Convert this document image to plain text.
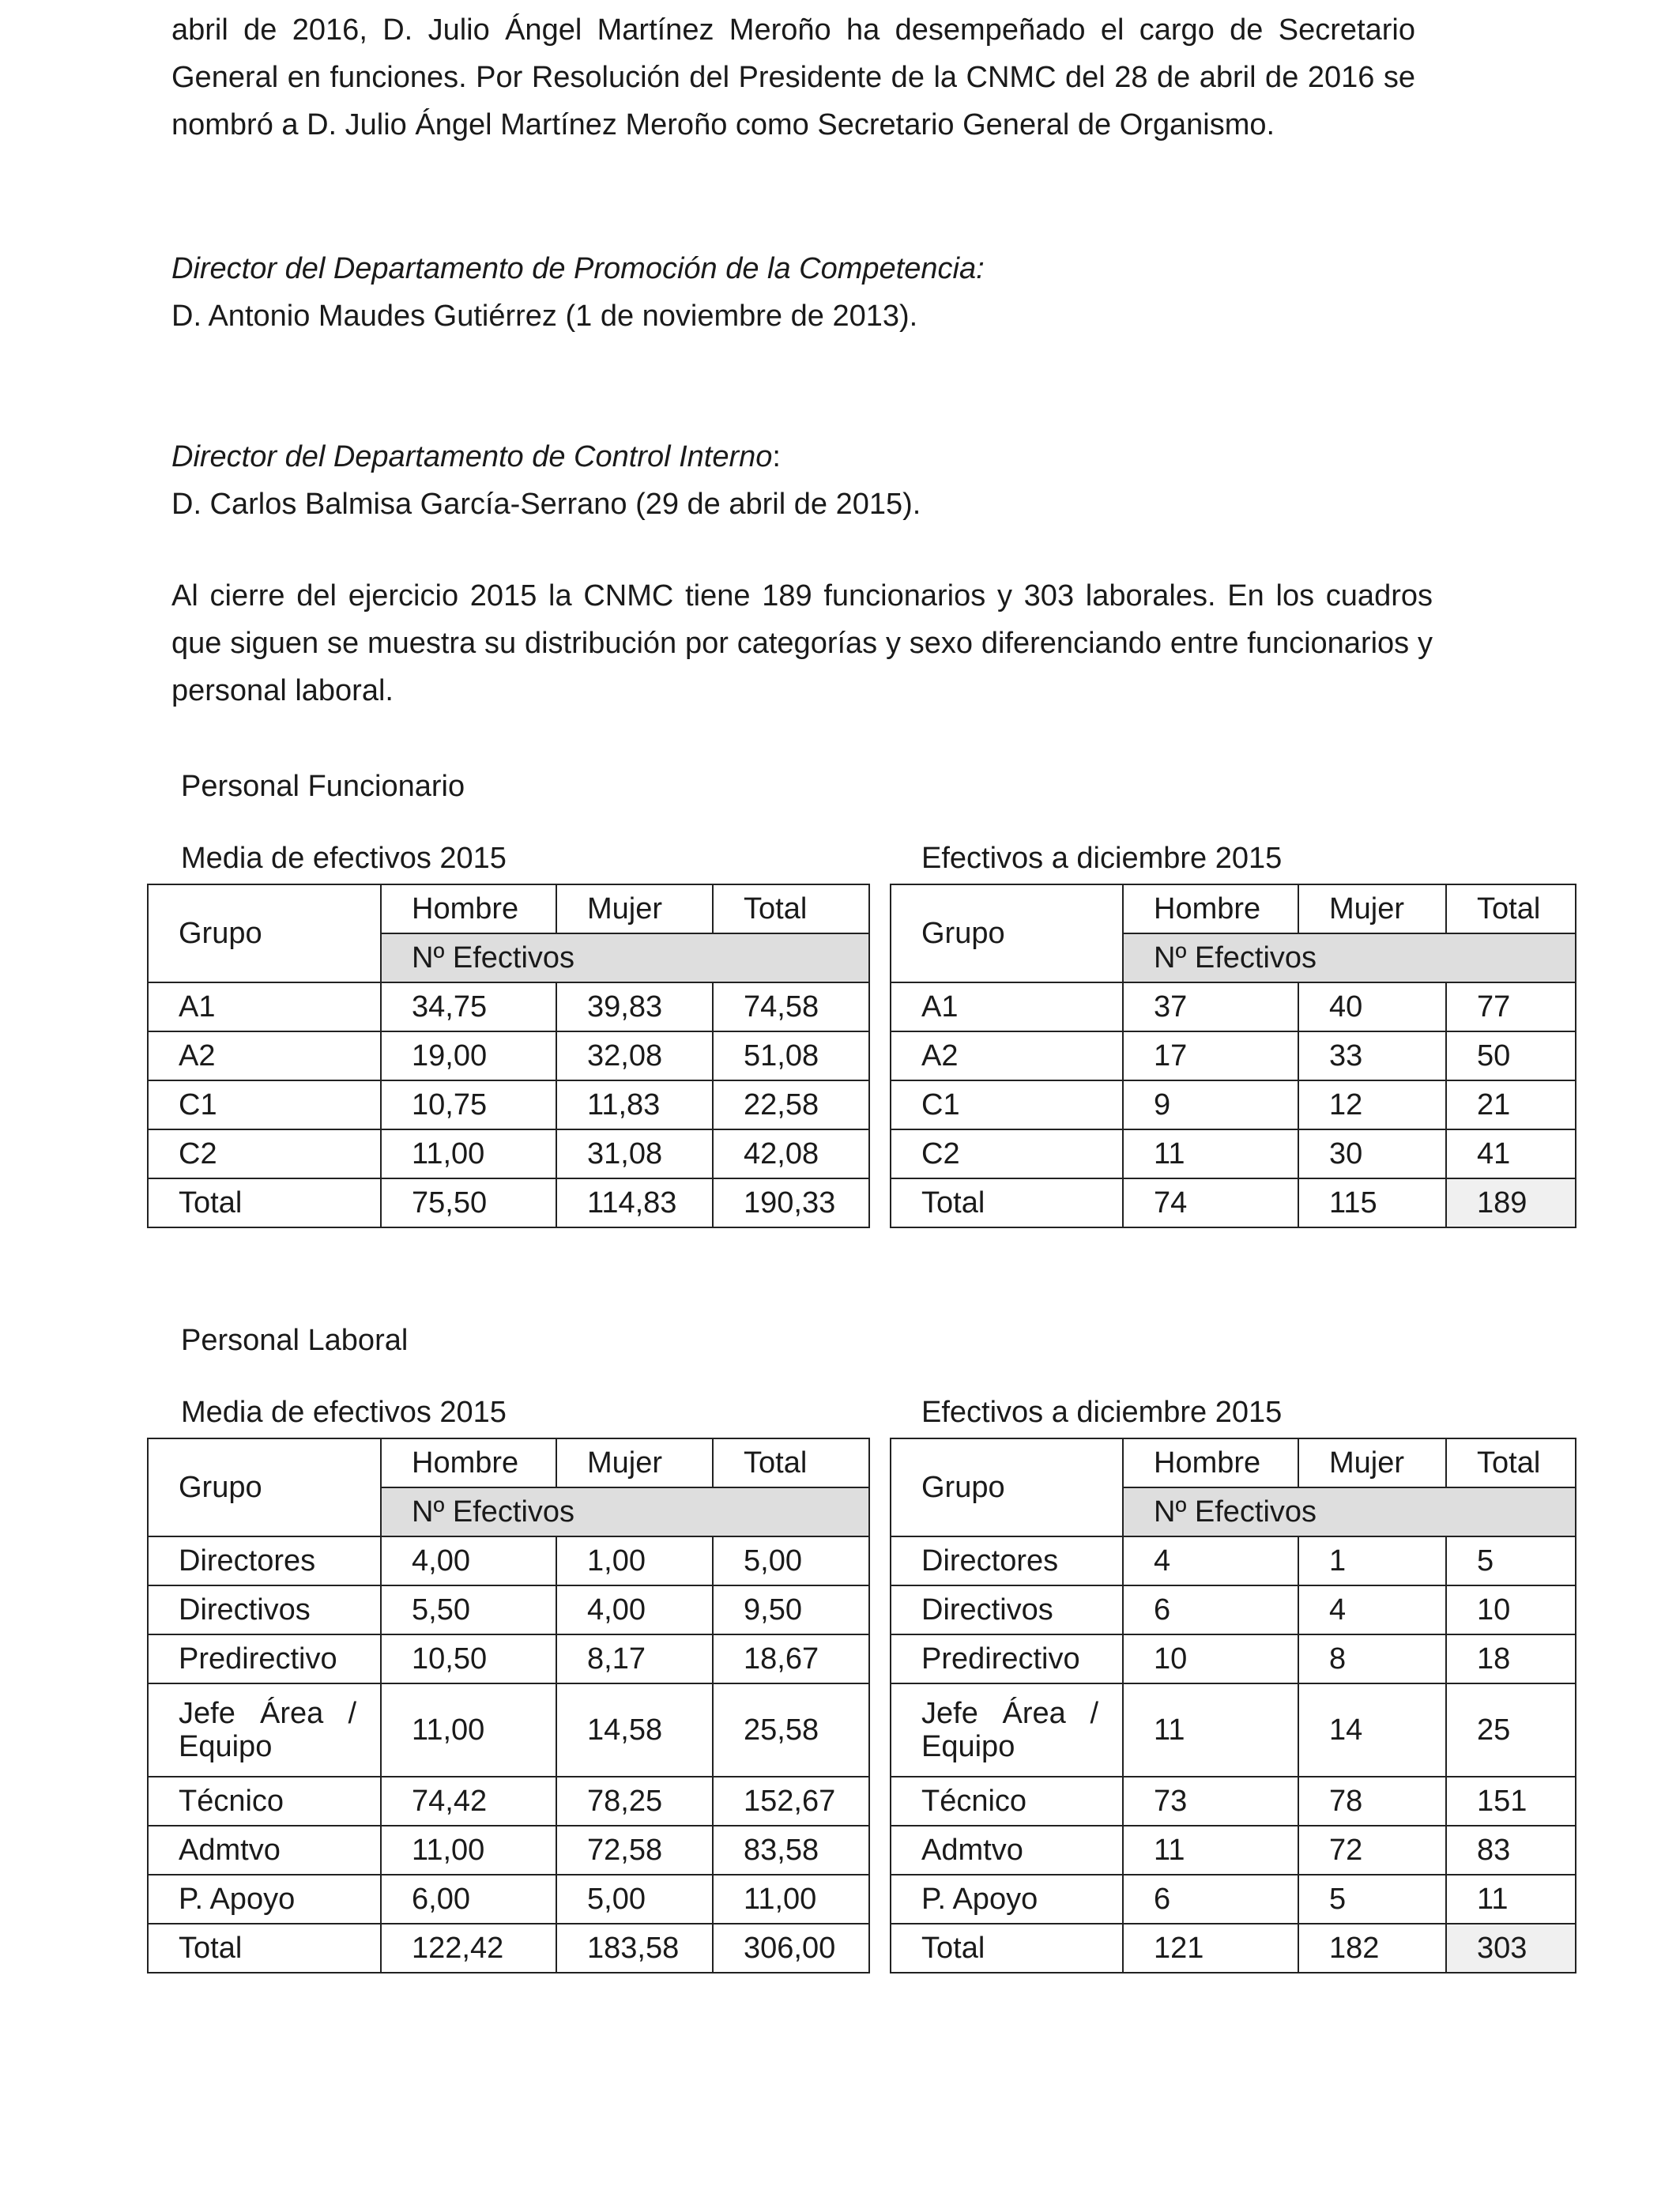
abril de 2016, D. Julio Ángel Martínez Meroño ha desempeñado el cargo de Secretario General en funciones. Por Resolución del Presidente de la CNMC del 28 de abril de 2016 se nombró a D. Julio Ángel Martínez Meroño como Secretario General de Organismo.

Director del Departamento de Promoción de la Competencia:
D. Antonio Maudes Gutiérrez (1 de noviembre de 2013).

Director del Departamento de Control Interno:
D. Carlos Balmisa García-Serrano (29 de abril de 2015).

Al cierre del ejercicio 2015 la CNMC tiene 189 funcionarios y 303 laborales. En los cuadros que siguen se muestra su distribución por categorías y sexo diferenciando entre funcionarios y personal laboral.

Personal Funcionario
Media de efectivos 2015	Efectivos a diciembre 2015
Grupo	Hombre	Mujer	Total
	Nº Efectivos		
A1	34,75	39,83	74,58
A2	19,00	32,08	51,08
C1	10,75	11,83	22,58
C2	11,00	31,08	42,08
Total	75,50	114,83	190,33
Grupo	Hombre	Mujer	Total
	Nº Efectivos		
A1	37	40	77
A2	17	33	50
C1	9	12	21
C2	11	30	41
Total	74	115	189
Personal Laboral
Media de efectivos 2015	Efectivos a diciembre 2015
Grupo	Hombre	Mujer	Total
	Nº Efectivos		
Directores	4,00	1,00	5,00
Directivos	5,50	4,00	9,50
Predirectivo	10,50	8,17	18,67
Jefe Área / Equipo	11,00	14,58	25,58
Técnico	74,42	78,25	152,67
Admtvo	11,00	72,58	83,58
P. Apoyo	6,00	5,00	11,00
Total	122,42	183,58	306,00
Grupo	Hombre	Mujer	Total
	Nº Efectivos		
Directores	4	1	5
Directivos	6	4	10
Predirectivo	10	8	18
Jefe Área / Equipo	11	14	25
Técnico	73	78	151
Admtvo	11	72	83
P. Apoyo	6	5	11
Total	121	182	303
